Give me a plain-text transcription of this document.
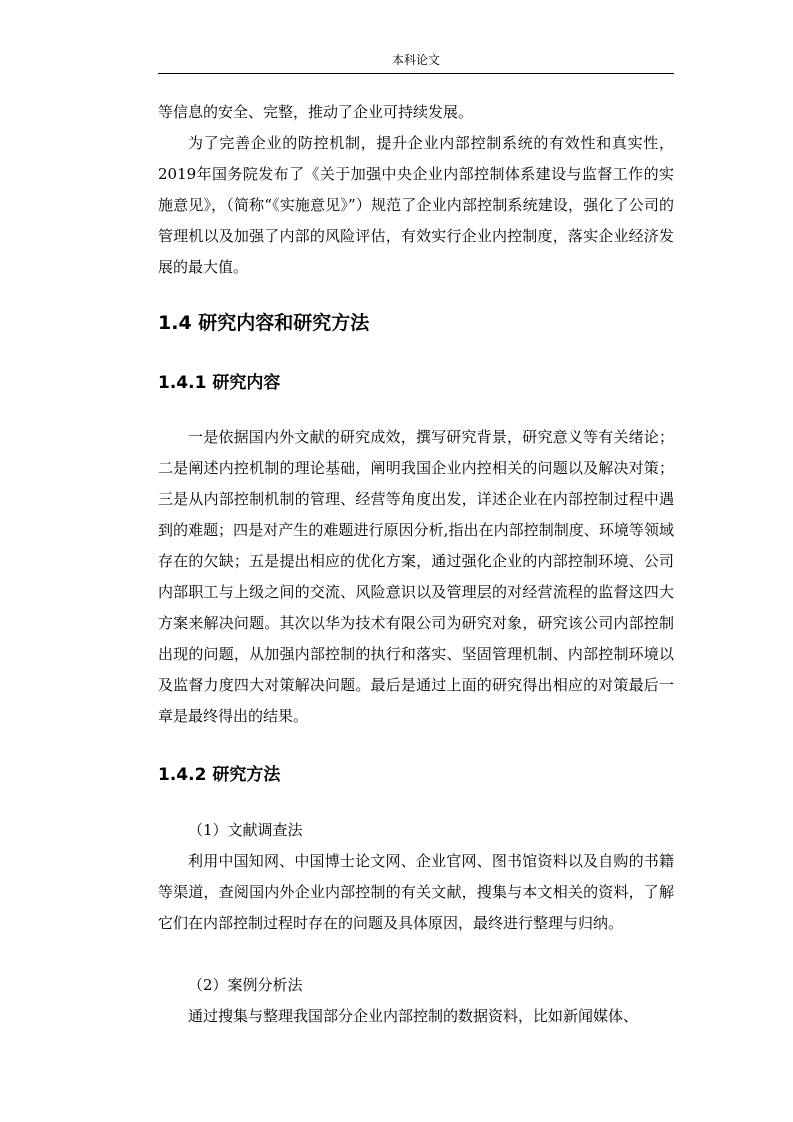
本科论文
等信息的安全、完整，推动了企业可持续发展。
为了完善企业的防控机制，提升企业内部控制系统的有效性和真实性，2019年国务院发布了《关于加强中央企业内部控制体系建设与监督工作的实施意见》，（简称“《实施意见》”）规范了企业内部控制系统建设，强化了公司的管理机以及加强了内部的风险评估，有效实行企业内控制度，落实企业经济发展的最大值。
1.4 研究内容和研究方法
1.4.1 研究内容
一是依据国内外文献的研究成效，撰写研究背景，研究意义等有关绪论；二是阐述内控机制的理论基础，阐明我国企业内控相关的问题以及解决对策；三是从内部控制机制的管理、经营等角度出发，详述企业在内部控制过程中遇到的难题；四是对产生的难题进行原因分析,指出在内部控制制度、环境等领域存在的欠缺；五是提出相应的优化方案，通过强化企业的内部控制环境、公司内部职工与上级之间的交流、风险意识以及管理层的对经营流程的监督这四大方案来解决问题。其次以华为技术有限公司为研究对象，研究该公司内部控制出现的问题，从加强内部控制的执行和落实、坚固管理机制、内部控制环境以及监督力度四大对策解决问题。最后是通过上面的研究得出相应的对策最后一章是最终得出的结果。
1.4.2 研究方法
（1）文献调查法
利用中国知网、中国博士论文网、企业官网、图书馆资料以及自购的书籍等渠道，查阅国内外企业内部控制的有关文献，搜集与本文相关的资料，了解它们在内部控制过程时存在的问题及具体原因，最终进行整理与归纳。
（2）案例分析法
通过搜集与整理我国部分企业内部控制的数据资料，比如新闻媒体、
